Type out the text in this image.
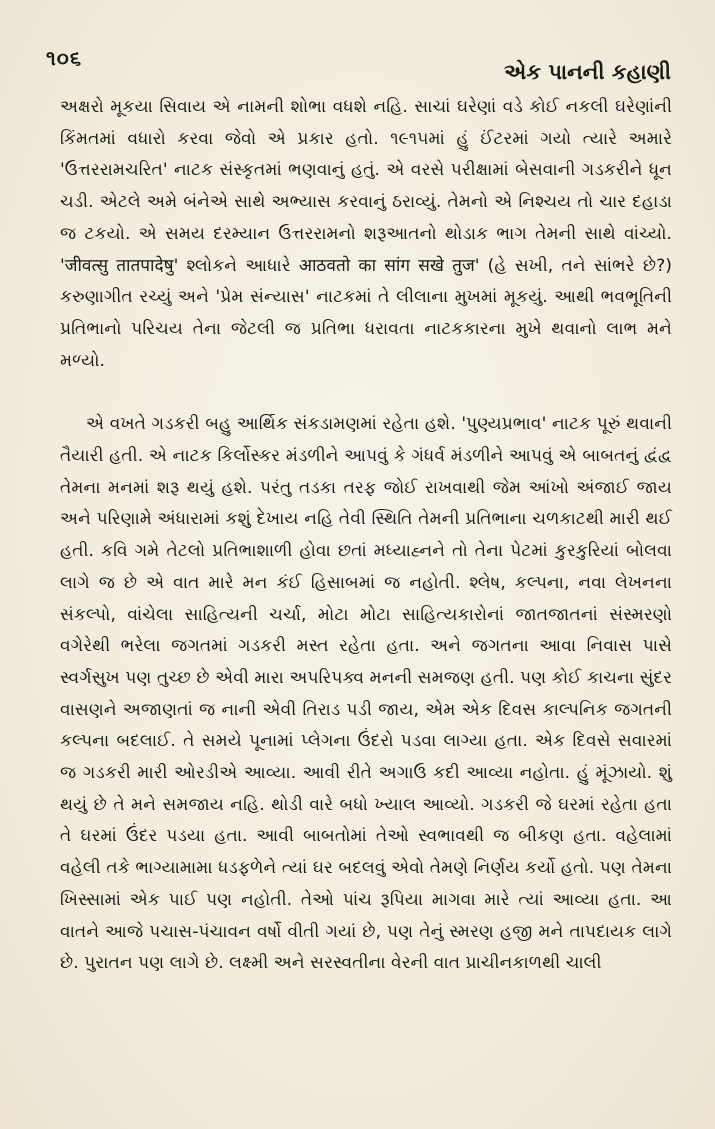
૧૦૬
એક પાનની કહાણી

અક્ષરો મૂકયા સિવાય એ નામની શોભા વધશે નહિ. સાચાં ઘરેણાં વડે કોઈ નકલી ઘરેણાંની કિંમતમાં વધારો કરવા જેવો એ પ્રકાર હતો. ૧૯૧૫માં હું ઈંટરમાં ગયો ત્યારે અમારે 'ઉત્તરરામચરિત' નાટક સંસ્કૃતમાં ભણવાનું હતું. એ વરસે પરીક્ષામાં બેસવાની ગડકરીને ધૂન ચડી. એટલે અમે બંનેએ સાથે અભ્યાસ કરવાનું ઠરાવ્યું. તેમનો એ નિશ્ચય તો ચાર દહાડા જ ટકયો. એ સમય દરમ્યાન ઉત્તરરામનો શરૂઆતનો થોડાક ભાગ તેમની સાથે વાંચ્યો. 'जीवत्सु तातपादेषु' શ્લોકને આધારે आठवतो का सांग सखे तुज' (હે સખી, તને સાંભરે છે?) કરુણાગીત રચ્યું અને 'પ્રેમ સંન્યાસ' નાટકમાં તે લીલાના મુખમાં મૂકયું. આથી ભવભૂતિની પ્રતિભાનો પરિચય તેના જેટલી જ પ્રતિભા ધરાવતા નાટકકારના મુખે થવાનો લાભ મને મળ્યો.

એ વખતે ગડકરી બહુ આર્થિક સંકડામણમાં રહેતા હશે. 'પુણ્યપ્રભાવ' નાટક પૂરું થવાની તૈયારી હતી. એ નાટક કિર્લોસ્કર મંડળીને આપવું કે ગંધર્વ મંડળીને આપવું એ બાબતનું દ્વંદ્વ તેમના મનમાં શરૂ થયું હશે. પરંતુ તડકા તરફ જોઈ રાખવાથી જેમ આંખો અંજાઈ જાય અને પરિણામે અંધારામાં કશું દેખાય નહિ તેવી સ્થિતિ તેમની પ્રતિભાના ચળકાટથી મારી થઈ હતી. કવિ ગમે તેટલો પ્રતિભાશાળી હોવા છતાં મધ્યાહ્નને તો તેના પેટમાં કુરકુરિયાં બોલવા લાગે જ છે એ વાત મારે મન કંઈ હિસાબમાં જ નહોતી. શ્લેષ, કલ્પના, નવા લેખનના સંકલ્પો, વાંચેલા સાહિત્યની ચર્ચા, મોટા મોટા સાહિત્યકારોનાં જાતજાતનાં સંસ્મરણો વગેરેથી ભરેલા જગતમાં ગડકરી મસ્ત રહેતા હતા. અને જગતના આવા નિવાસ પાસે સ્વર્ગસુખ પણ તુચ્છ છે એવી મારા અપરિપક્વ મનની સમજણ હતી. પણ કોઈ કાચના સુંદર વાસણને અજાણતાં જ નાની એવી તિરાડ પડી જાય, એમ એક દિવસ કાલ્પનિક જગતની કલ્પના બદલાઈ. તે સમયે પૂનામાં પ્લેગના ઉંદરો પડવા લાગ્યા હતા. એક દિવસે સવારમાં જ ગડકરી મારી ઓરડીએ આવ્યા. આવી રીતે અગાઉ કદી આવ્યા નહોતા. હું મૂંઝાયો. શું થયું છે તે મને સમજાય નહિ. થોડી વારે બધો ખ્યાલ આવ્યો. ગડકરી જે ઘરમાં રહેતા હતા તે ઘરમાં ઉંદર પડયા હતા. આવી બાબતોમાં તેઓ સ્વભાવથી જ બીકણ હતા. વહેલામાં વહેલી તકે ભાગ્યામામા ધડફળેને ત્યાં ઘર બદલવું એવો તેમણે નિર્ણય કર્યો હતો. પણ તેમના ખિસ્સામાં એક પાઈ પણ નહોતી. તેઓ પાંચ રૂપિયા માગવા મારે ત્યાં આવ્યા હતા. આ વાતને આજે પચાસ-પંચાવન વર્ષો વીતી ગયાં છે, પણ તેનું સ્મરણ હજી મને તાપદાયક લાગે છે. પુરાતન પણ લાગે છે. લક્ષ્મી અને સરસ્વતીના વેરની વાત પ્રાચીનકાળથી ચાલી
